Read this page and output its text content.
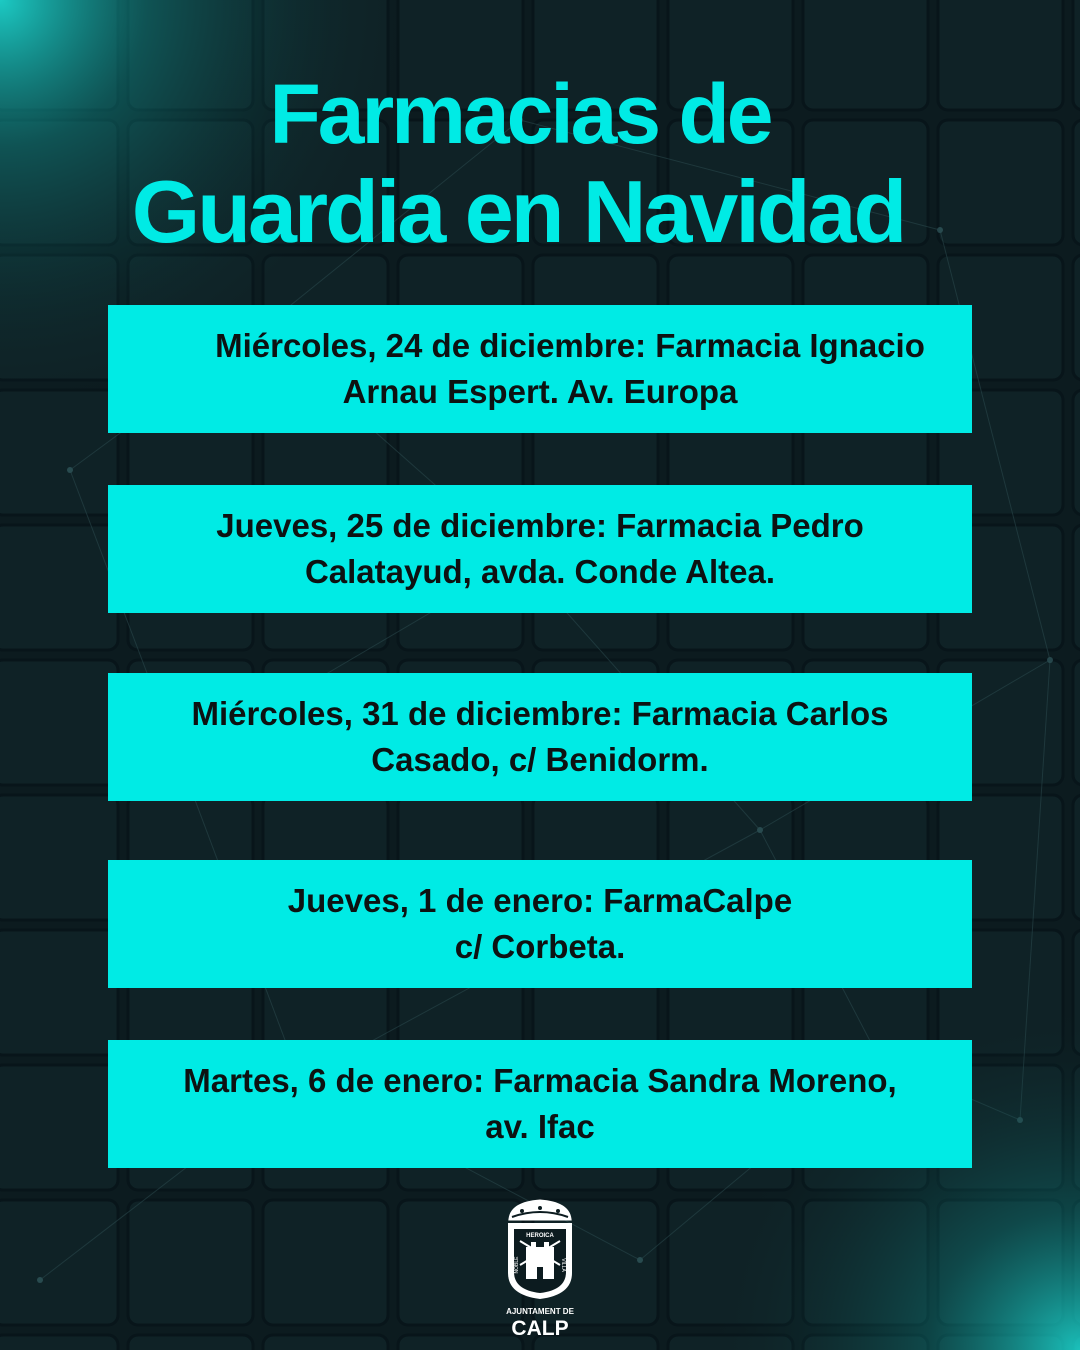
Farmacias de
Guardia en Navidad
Miércoles, 24 de diciembre: Farmacia Ignacio
Arnau Espert. Av. Europa
Jueves, 25 de diciembre: Farmacia Pedro
Calatayud, avda. Conde Altea.
Miércoles, 31 de diciembre: Farmacia Carlos
Casado, c/ Benidorm.
Jueves, 1 de enero: FarmaCalpe
c/ Corbeta.
Martes, 6 de enero: Farmacia Sandra Moreno,
av. Ifac
HEROICA
NOBLE	VILLA
AJUNTAMENT DE
CALP
